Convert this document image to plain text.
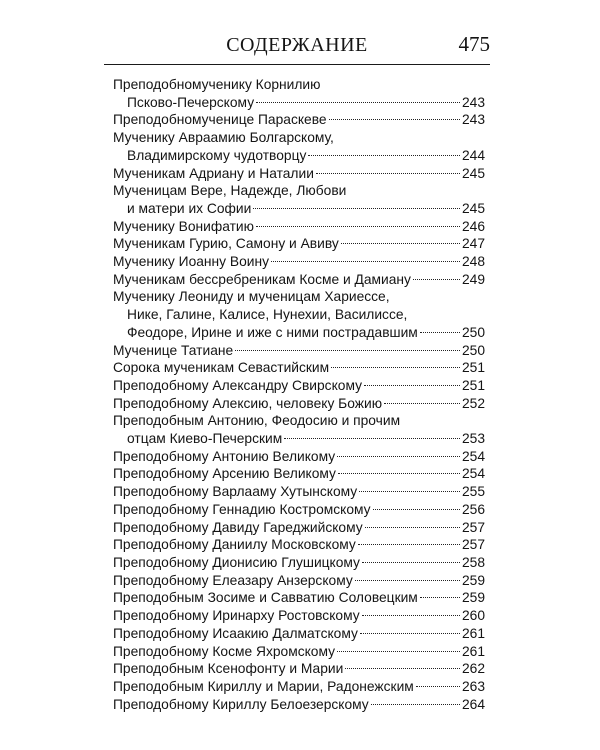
СОДЕРЖАНИЕ	475
Преподобномученику Корнилию
Псково-Печерскому	243
Преподобномученице Параскеве	243
Мученику Авраамию Болгарскому,
Владимирскому чудотворцу	244
Мученикам Адриану и Наталии	245
Мученицам Вере, Надежде, Любови
и матери их Софии	245
Мученику Вонифатию	246
Мученикам Гурию, Самону и Авиву	247
Мученику Иоанну Воину	248
Мученикам бессребреникам Косме и Дамиану	249
Мученику Леониду и мученицам Хариессе,
Нике, Галине, Калисе, Нунехии, Василиссе,
Феодоре, Ирине и иже с ними пострадавшим	250
Мученице Татиане	250
Сорока мученикам Севастийским	251
Преподобному Александру Свирскому	251
Преподобному Алексию, человеку Божию	252
Преподобным Антонию, Феодосию и прочим
отцам Киево-Печерским	253
Преподобному Антонию Великому	254
Преподобному Арсению Великому	254
Преподобному Варлааму Хутынскому	255
Преподобному Геннадию Костромскому	256
Преподобному Давиду Гареджийскому	257
Преподобному Даниилу Московскому	257
Преподобному Дионисию Глушицкому	258
Преподобному Елеазару Анзерскому	259
Преподобным Зосиме и Савватию Соловецким	259
Преподобному Иринарху Ростовскому	260
Преподобному Исаакию Далматскому	261
Преподобному Косме Яхромскому	261
Преподобным Ксенофонту и Марии	262
Преподобным Кириллу и Марии, Радонежским	263
Преподобному Кириллу Белоезерскому	264
